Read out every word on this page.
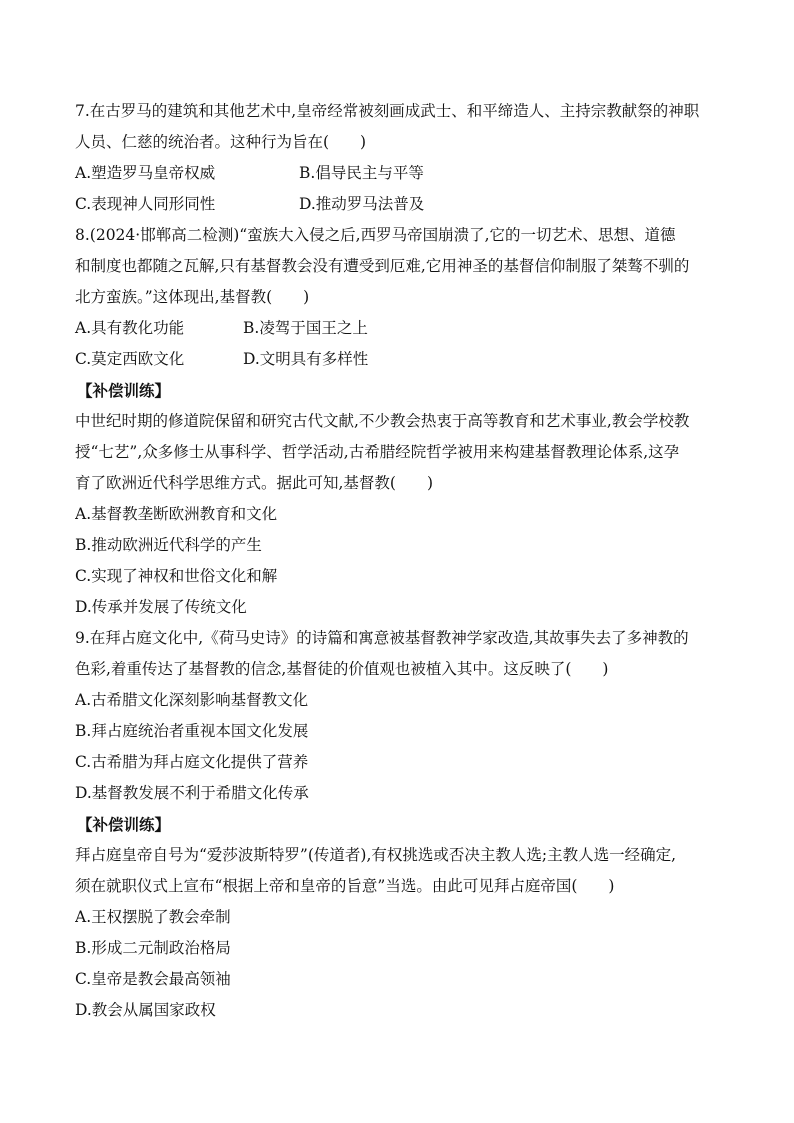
7.在古罗马的建筑和其他艺术中,皇帝经常被刻画成武士、和平缔造人、主持宗教献祭的神职
人员、仁慈的统治者。这种行为旨在(　　)
A.塑造罗马皇帝权威	B.倡导民主与平等
C.表现神人同形同性	D.推动罗马法普及
8.(2024·邯郸高二检测)“蛮族大入侵之后,西罗马帝国崩溃了,它的一切艺术、思想、道德
和制度也都随之瓦解,只有基督教会没有遭受到厄难,它用神圣的基督信仰制服了桀骜不驯的
北方蛮族。”这体现出,基督教(　　)
A.具有教化功能	B.凌驾于国王之上
C.莫定西欧文化	D.文明具有多样性
【补偿训练】
中世纪时期的修道院保留和研究古代文献,不少教会热衷于高等教育和艺术事业,教会学校教
授“七艺”,众多修士从事科学、哲学活动,古希腊经院哲学被用来构建基督教理论体系,这孕
育了欧洲近代科学思维方式。据此可知,基督教(　　)
A.基督教垄断欧洲教育和文化
B.推动欧洲近代科学的产生
C.实现了神权和世俗文化和解
D.传承并发展了传统文化
9.在拜占庭文化中,《荷马史诗》的诗篇和寓意被基督教神学家改造,其故事失去了多神教的
色彩,着重传达了基督教的信念,基督徒的价值观也被植入其中。这反映了(　　)
A.古希腊文化深刻影响基督教文化
B.拜占庭统治者重视本国文化发展
C.古希腊为拜占庭文化提供了营养
D.基督教发展不利于希腊文化传承
【补偿训练】
拜占庭皇帝自号为“爱莎波斯特罗”(传道者),有权挑选或否决主教人选;主教人选一经确定,
须在就职仪式上宣布“根据上帝和皇帝的旨意”当选。由此可见拜占庭帝国(　　)
A.王权摆脱了教会牵制
B.形成二元制政治格局
C.皇帝是教会最高领袖
D.教会从属国家政权
